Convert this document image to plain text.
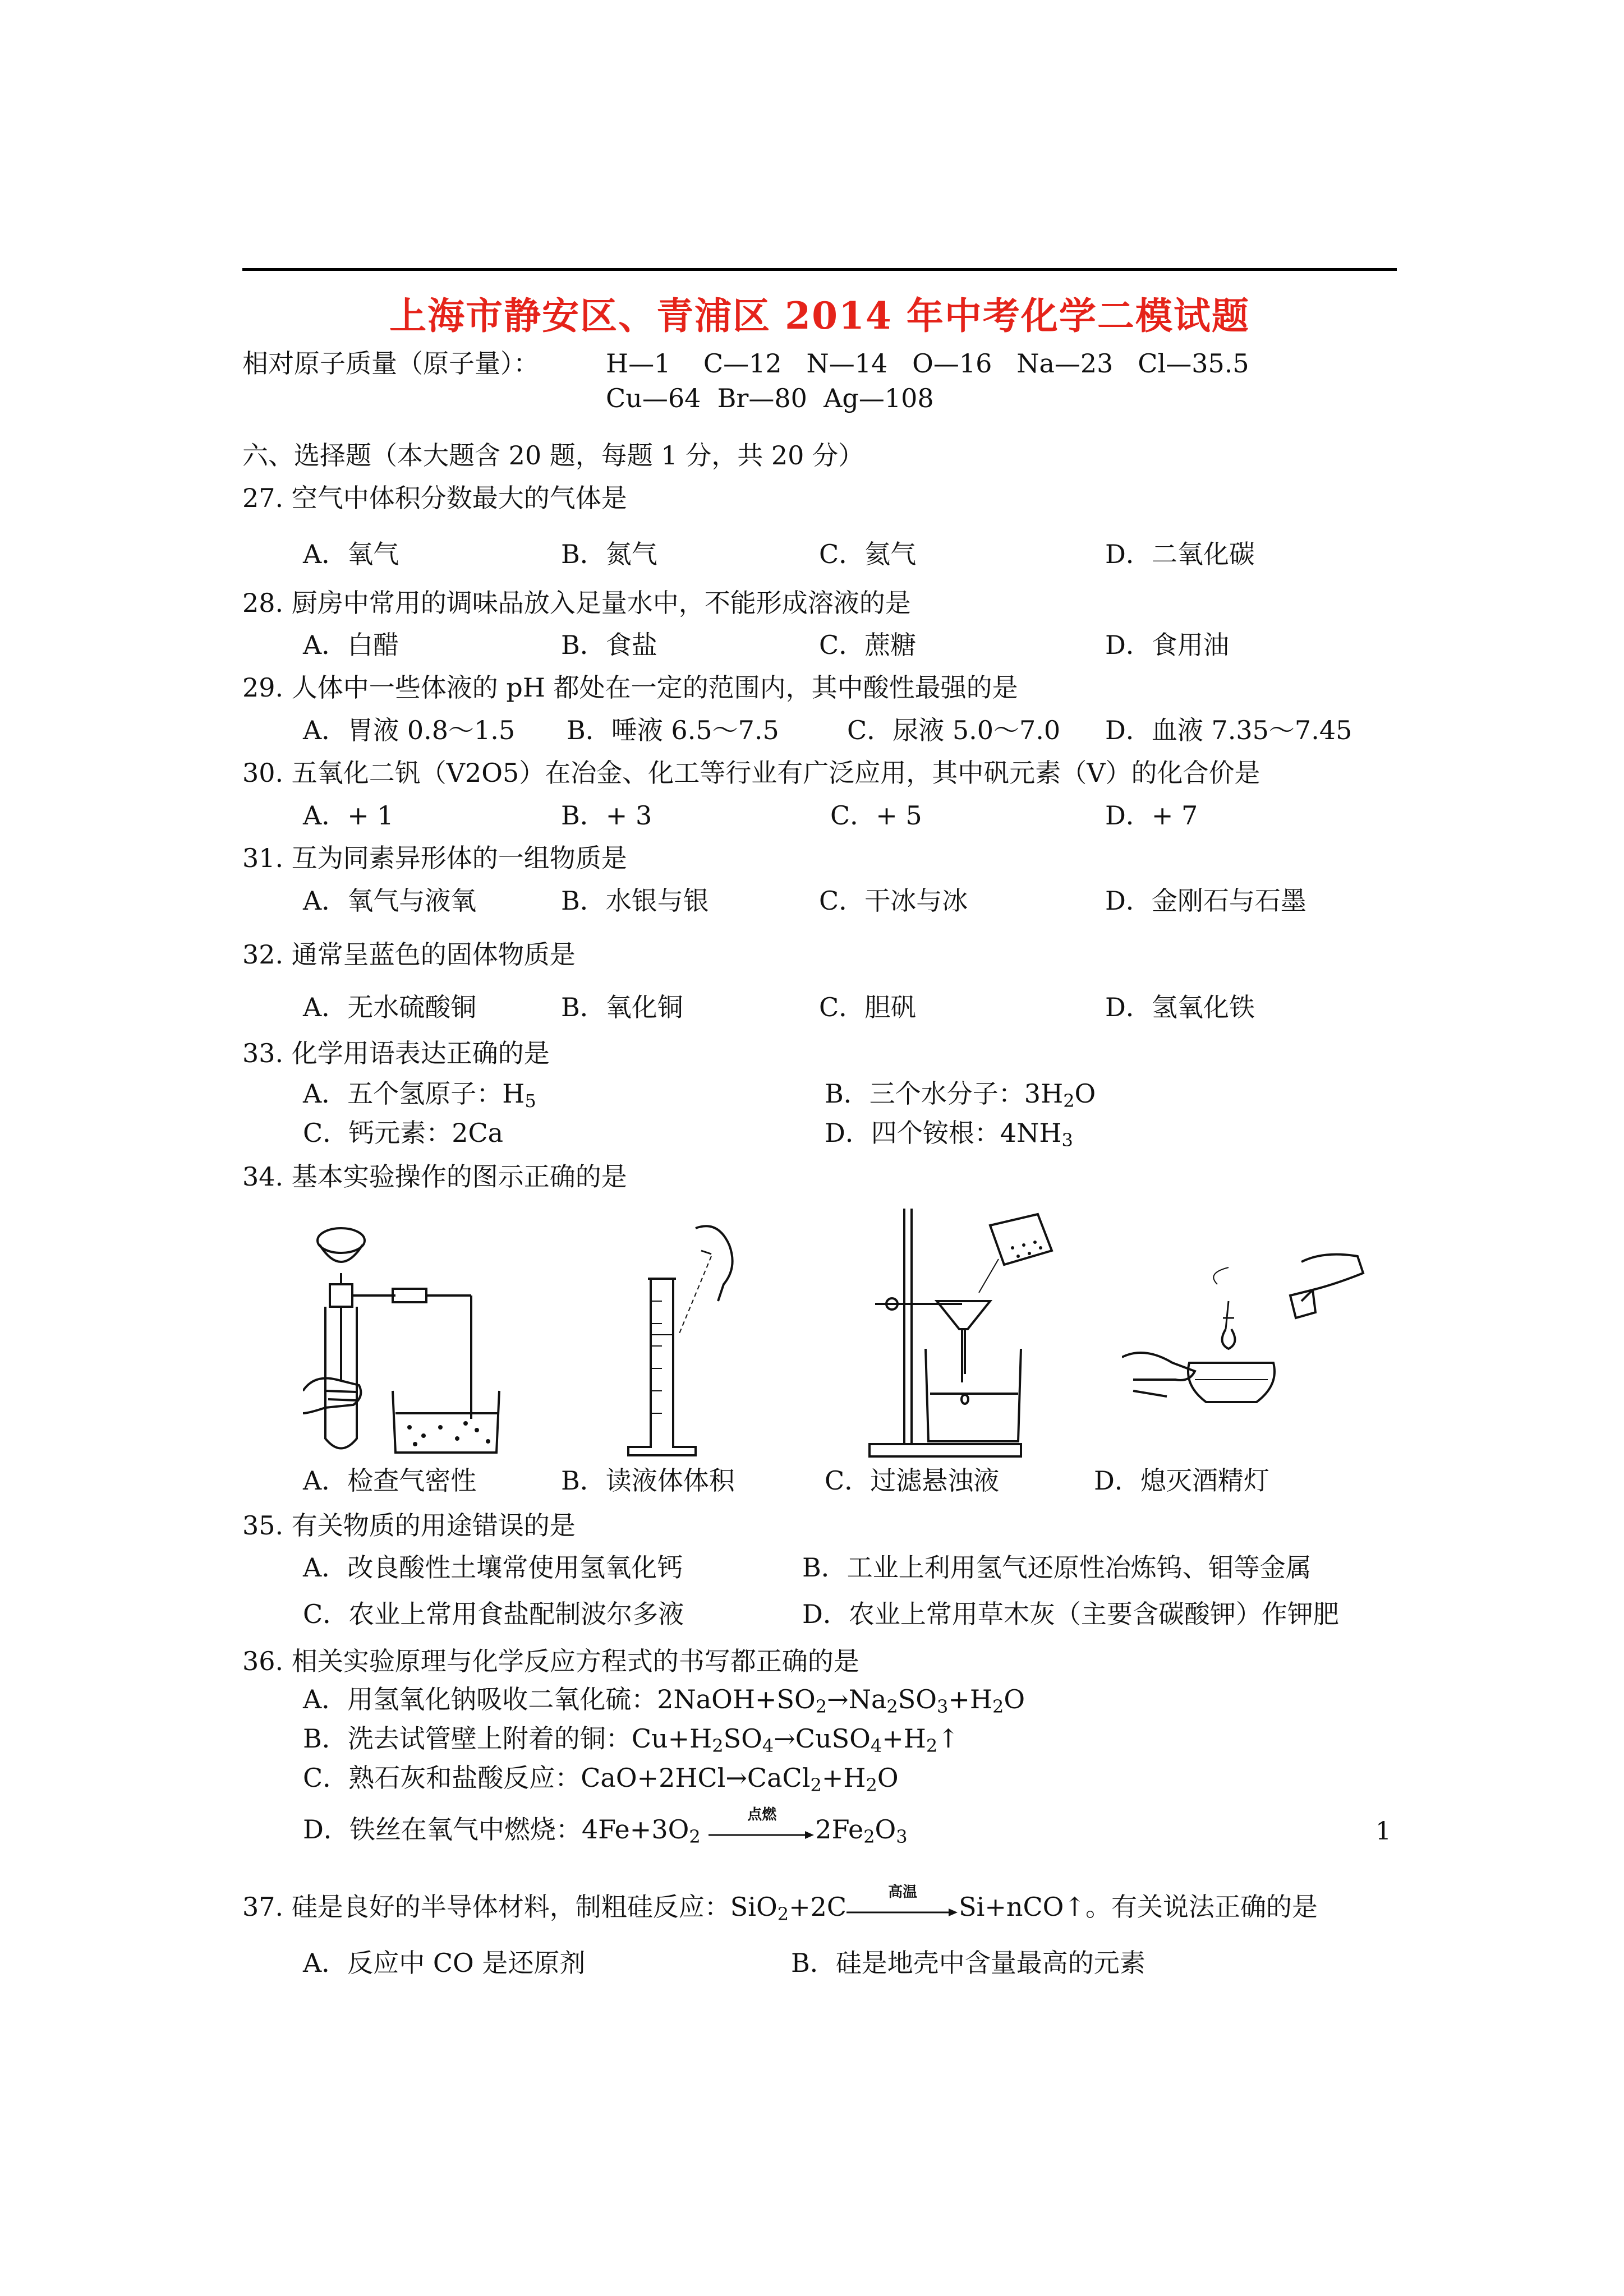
上海市静安区、青浦区 2014 年中考化学二模试题
相对原子质量（原子量）：	H—1    C—12   N—14   O—16   Na—23   Cl—35.5
Cu—64  Br—80  Ag—108
六、选择题（本大题含 20 题，每题 1 分，共 20 分）
27. 空气中体积分数最大的气体是
A．氧气	B．氮气	C．氦气	D．二氧化碳
28. 厨房中常用的调味品放入足量水中，不能形成溶液的是
A．白醋	B．食盐	C．蔗糖	D．食用油
29. 人体中一些体液的 pH 都处在一定的范围内，其中酸性最强的是
A．胃液 0.8～1.5 B．唾液 6.5～7.5	C．尿液 5.0～7.0 D．血液 7.35～7.45
30. 五氧化二钒（V2O5）在冶金、化工等行业有广泛应用，其中矾元素（V）的化合价是
A．+ 1	B．+ 3	C．+ 5	D．+ 7
31. 互为同素异形体的一组物质是
A．氧气与液氧	B．水银与银	C．干冰与冰	D．金刚石与石墨
32. 通常呈蓝色的固体物质是
A．无水硫酸铜	B．氧化铜	C．胆矾	D．氢氧化铁
33. 化学用语表达正确的是
A．五个氢原子：$H_5$	B．三个水分子：$3H_2O$
C．钙元素：2Ca	D．四个铵根：$4NH_3$
34. 基本实验操作的图示正确的是
A．检查气密性	B．读液体体积	C．过滤悬浊液	D．熄灭酒精灯
35. 有关物质的用途错误的是
A．改良酸性土壤常使用氢氧化钙	B．工业上利用氢气还原性冶炼钨、钼等金属
C．农业上常用食盐配制波尔多液	D．农业上常用草木灰（主要含碳酸钾）作钾肥
36. 相关实验原理与化学反应方程式的书写都正确的是
A．用氢氧化钠吸收二氧化硫：$2NaOH+SO_2\to Na_2SO_3+H_2O$
B．洗去试管壁上附着的铜：$Cu+H_2SO_4\to CuSO_4+H_2↑$
C．熟石灰和盐酸反应：$CaO+2HCl\to CaCl_2+H_2O$
D．铁丝在氧气中燃烧：$4Fe+3O_2$
点燃	$2Fe_2O_3$
37. 硅是良好的半导体材料，制粗硅反应：SiO$_2$+2C	高温	Si+nCO↑。有关说法正确的是
A．反应中 CO 是还原剂	B．硅是地壳中含量最高的元素
1
